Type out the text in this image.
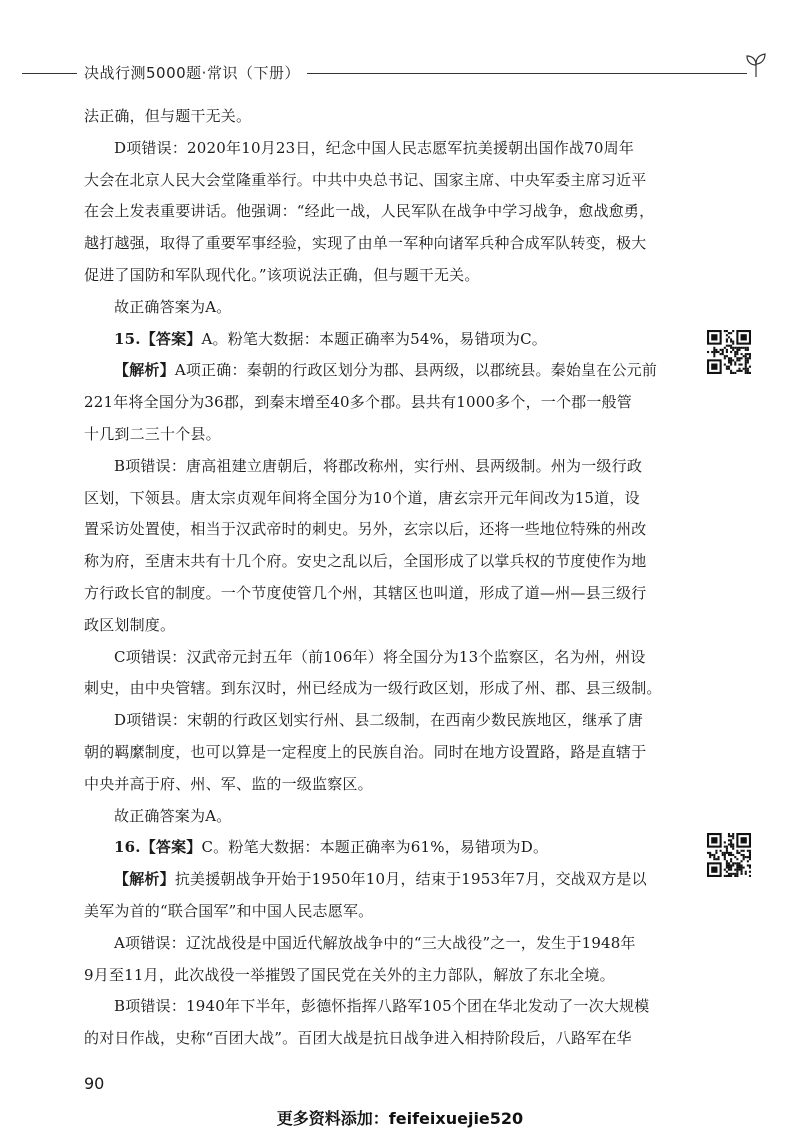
决战行测5000题·常识（下册）
法正确，但与题干无关。
D项错误：2020年10月23日，纪念中国人民志愿军抗美援朝出国作战70周年
大会在北京人民大会堂隆重举行。中共中央总书记、国家主席、中央军委主席习近平
在会上发表重要讲话。他强调：“经此一战，人民军队在战争中学习战争，愈战愈勇，
越打越强，取得了重要军事经验，实现了由单一军种向诸军兵种合成军队转变，极大
促进了国防和军队现代化。”该项说法正确，但与题干无关。
故正确答案为A。
15.【答案】A。粉笔大数据：本题正确率为54%，易错项为C。
【解析】A项正确：秦朝的行政区划分为郡、县两级，以郡统县。秦始皇在公元前
221年将全国分为36郡，到秦末增至40多个郡。县共有1000多个，一个郡一般管
十几到二三十个县。
B项错误：唐高祖建立唐朝后，将郡改称州，实行州、县两级制。州为一级行政
区划，下领县。唐太宗贞观年间将全国分为10个道，唐玄宗开元年间改为15道，设
置采访处置使，相当于汉武帝时的刺史。另外，玄宗以后，还将一些地位特殊的州改
称为府，至唐末共有十几个府。安史之乱以后，全国形成了以掌兵权的节度使作为地
方行政长官的制度。一个节度使管几个州，其辖区也叫道，形成了道—州—县三级行
政区划制度。
C项错误：汉武帝元封五年（前106年）将全国分为13个监察区，名为州，州设
刺史，由中央管辖。到东汉时，州已经成为一级行政区划，形成了州、郡、县三级制。
D项错误：宋朝的行政区划实行州、县二级制，在西南少数民族地区，继承了唐
朝的羁縻制度，也可以算是一定程度上的民族自治。同时在地方设置路，路是直辖于
中央并高于府、州、军、监的一级监察区。
故正确答案为A。
16.【答案】C。粉笔大数据：本题正确率为61%，易错项为D。
【解析】抗美援朝战争开始于1950年10月，结束于1953年7月，交战双方是以
美军为首的“联合国军”和中国人民志愿军。
A项错误：辽沈战役是中国近代解放战争中的“三大战役”之一，发生于1948年
9月至11月，此次战役一举摧毁了国民党在关外的主力部队，解放了东北全境。
B项错误：1940年下半年，彭德怀指挥八路军105个团在华北发动了一次大规模
的对日作战，史称“百团大战”。百团大战是抗日战争进入相持阶段后，八路军在华
90
更多资料添加：feifeixuejie520
